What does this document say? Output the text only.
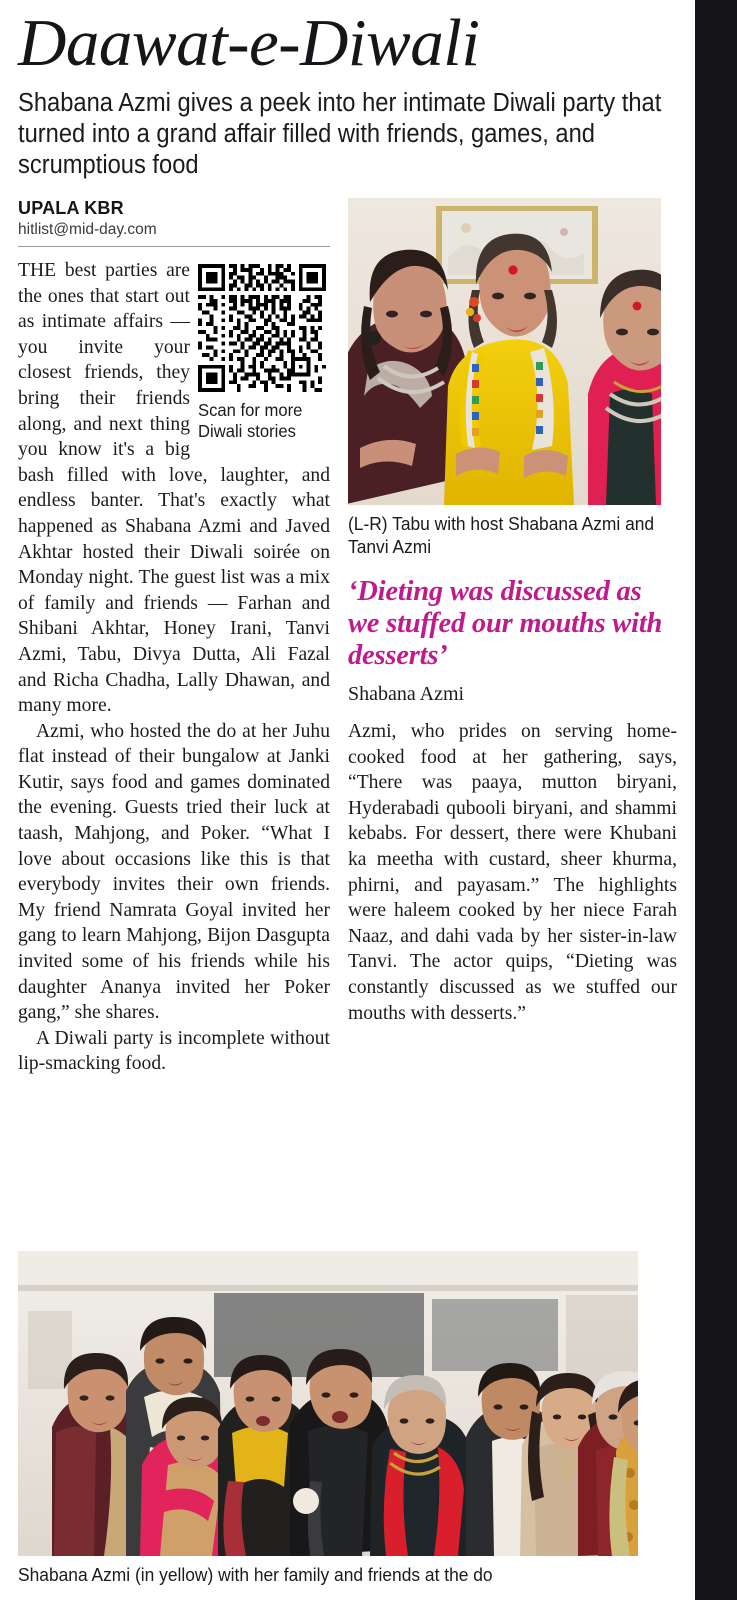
Daawat-e-Diwali
Shabana Azmi gives a peek into her intimate Diwali party that turned into a grand affair filled with friends, games, and scrumptious food
UPALA KBR
hitlist@mid-day.com
Scan for more Diwali stories

THE best parties are the ones that start out as intimate affairs — you invite your closest friends, they bring their friends along, and next thing you know it's a big bash filled with love, laughter, and endless banter. That's exactly what happened as Shabana Azmi and Javed Akhtar hosted their Diwali soirée on Monday night. The guest list was a mix of family and friends — Farhan and Shibani Akhtar, Honey Irani, Tanvi Azmi, Tabu, Divya Dutta, Ali Fazal and Richa Chadha, Lally Dhawan, and many more.

Azmi, who hosted the do at her Juhu flat instead of their bungalow at Janki Kutir, says food and games dominated the evening. Guests tried their luck at taash, Mahjong, and Poker. “What I love about occasions like this is that everybody invites their own friends. My friend Namrata Goyal invited her gang to learn Mahjong, Bijon Dasgupta invited some of his friends while his daughter Ananya invited her Poker gang,” she shares.

A Diwali party is incomplete without lip-smacking food.

(L-R) Tabu with host Shabana Azmi and Tanvi Azmi
‘Dieting was discussed as we stuffed our mouths with desserts’
Shabana Azmi

Azmi, who prides on serving home-cooked food at her gathering, says, “There was paaya, mutton biryani, Hyderabadi qubooli biryani, and shammi kebabs. For dessert, there were Khubani ka meetha with custard, sheer khurma, phirni, and payasam.” The highlights were haleem cooked by her niece Farah Naaz, and dahi vada by her sister-in-law Tanvi. The actor quips, “Dieting was constantly discussed as we stuffed our mouths with desserts.”

Shabana Azmi (in yellow) with her family and friends at the do
